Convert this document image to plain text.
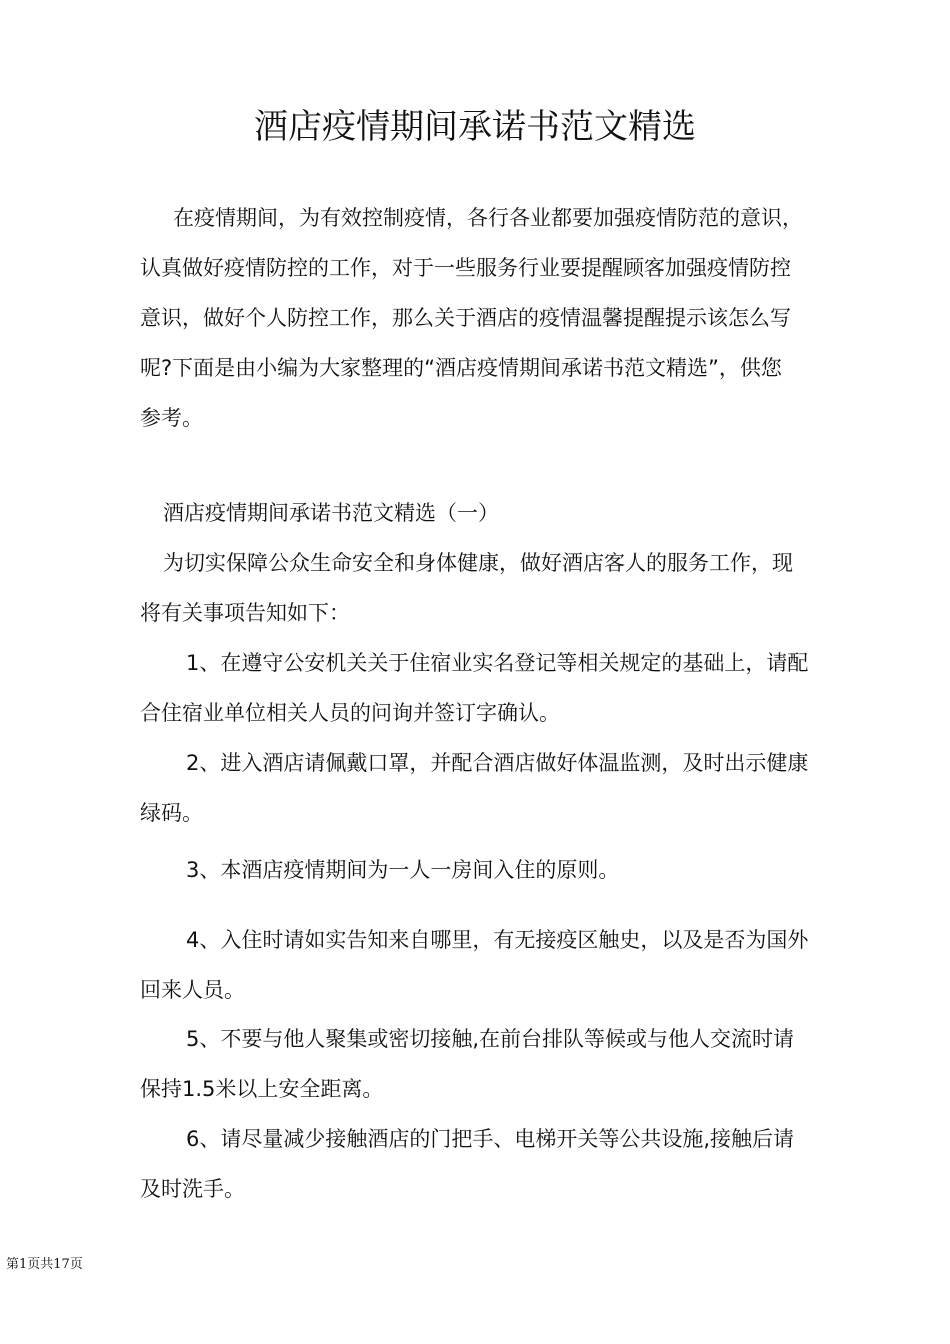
酒店疫情期间承诺书范文精选
　在疫情期间，为有效控制疫情，各行各业都要加强疫情防范的意识，
认真做好疫情防控的工作，对于一些服务行业要提醒顾客加强疫情防控
意识，做好个人防控工作，那么关于酒店的疫情温馨提醒提示该怎么写
呢?下面是由小编为大家整理的“酒店疫情期间承诺书范文精选”，供您
参考。
酒店疫情期间承诺书范文精选（一）
为切实保障公众生命安全和身体健康，做好酒店客人的服务工作，现
将有关事项告知如下：
1、在遵守公安机关关于住宿业实名登记等相关规定的基础上，请配
合住宿业单位相关人员的问询并签订字确认。
2、进入酒店请佩戴口罩，并配合酒店做好体温监测，及时出示健康
绿码。
3、本酒店疫情期间为一人一房间入住的原则。
4、入住时请如实告知来自哪里，有无接疫区触史，以及是否为国外
回来人员。
5、不要与他人聚集或密切接触,在前台排队等候或与他人交流时请
保持1.5米以上安全距离。
6、请尽量减少接触酒店的门把手、电梯开关等公共设施,接触后请
及时洗手。
第1页共17页
